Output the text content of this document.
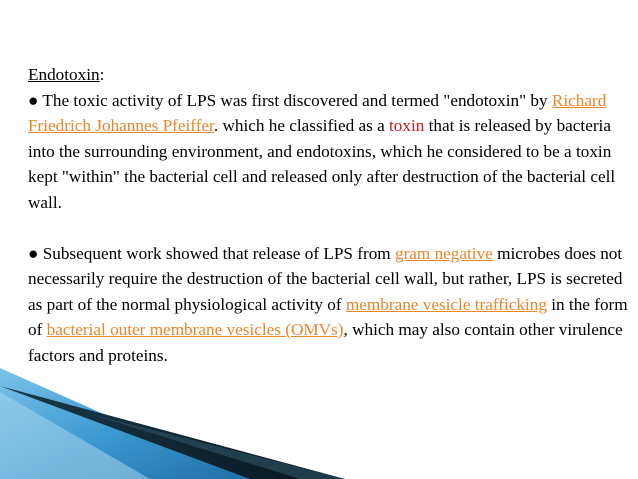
Endotoxin:

● The toxic activity of LPS was first discovered and termed "endotoxin" by Richard Friedrich Johannes Pfeiffer. which he classified as a toxin that is released by bacteria into the surrounding environment, and endotoxins, which he considered to be a toxin kept "within" the bacterial cell and released only after destruction of the bacterial cell wall.

● Subsequent work showed that release of LPS from gram negative microbes does not necessarily require the destruction of the bacterial cell wall, but rather, LPS is secreted as part of the normal physiological activity of membrane vesicle trafficking in the form of bacterial outer membrane vesicles (OMVs), which may also contain other virulence factors and proteins.
